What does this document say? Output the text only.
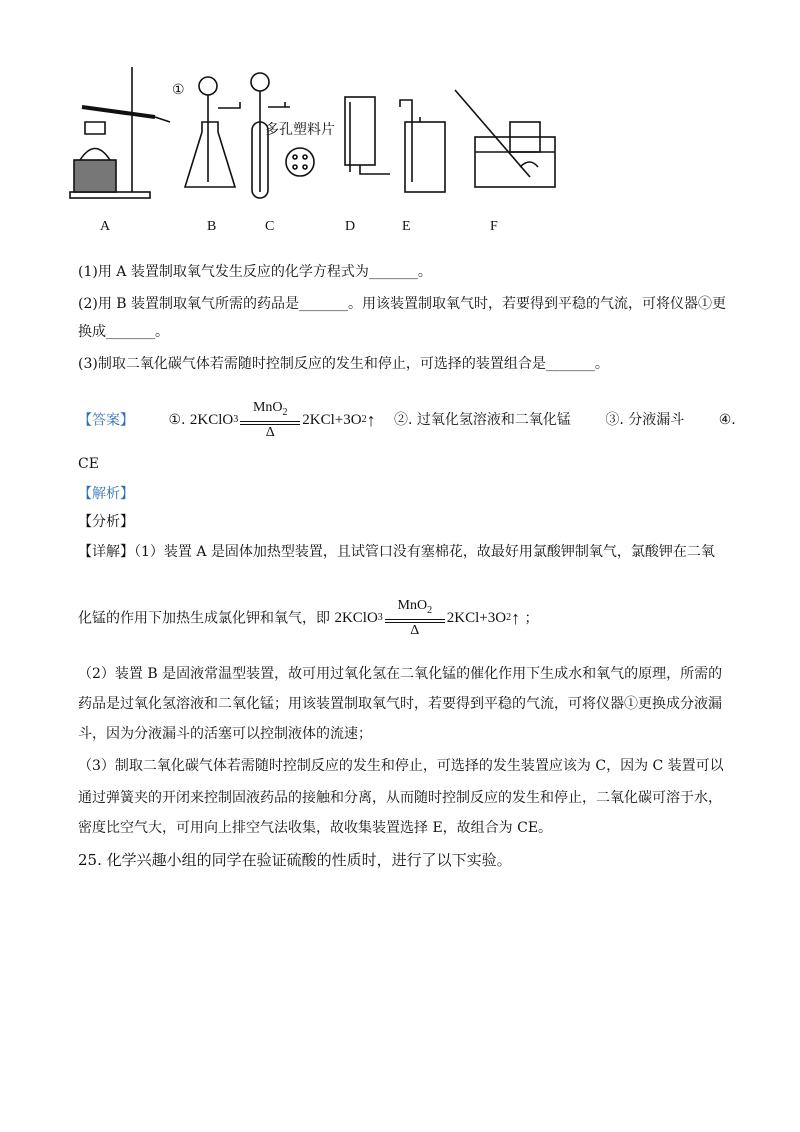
多孔塑料片
①
A	B	C	D	E	F
(1)用 A 装置制取氧气发生反应的化学方程式为_______。
(2)用 B 装置制取氧气所需的药品是_______。用该装置制取氧气时，若要得到平稳的气流，可将仪器①更
换成_______。
(3)制取二氧化碳气体若需随时控制反应的发生和停止，可选择的装置组合是_______。
【答案】 ①. 2KClO $3 \frac{MnO_2}{\Delta} 2KCl+3O$ 2 ↑ ②. 过氧化氢溶液和二氧化锰 ③. 分液漏斗 ④.
CE
【解析】
【分析】
【详解】（1）装置 A 是固体加热型装置，且试管口没有塞棉花，故最好用氯酸钾制氧气，氯酸钾在二氧
化锰的作用下加热生成氯化钾和氧气，即 2KClO $3 \frac{MnO_2}{\Delta} 2KCl+3O$ 2 ↑ ；
（2）装置 B 是固液常温型装置，故可用过氧化氢在二氧化锰的催化作用下生成水和氧气的原理，所需的
药品是过氧化氢溶液和二氧化锰；用该装置制取氧气时，若要得到平稳的气流，可将仪器①更换成分液漏
斗，因为分液漏斗的活塞可以控制液体的流速；
（3）制取二氧化碳气体若需随时控制反应的发生和停止，可选择的发生装置应该为 C，因为 C 装置可以
通过弹簧夹的开闭来控制固液药品的接触和分离，从而随时控制反应的发生和停止，二氧化碳可溶于水，
密度比空气大，可用向上排空气法收集，故收集装置选择 E，故组合为 CE。
25. 化学兴趣小组的同学在验证硫酸的性质时，进行了以下实验。
